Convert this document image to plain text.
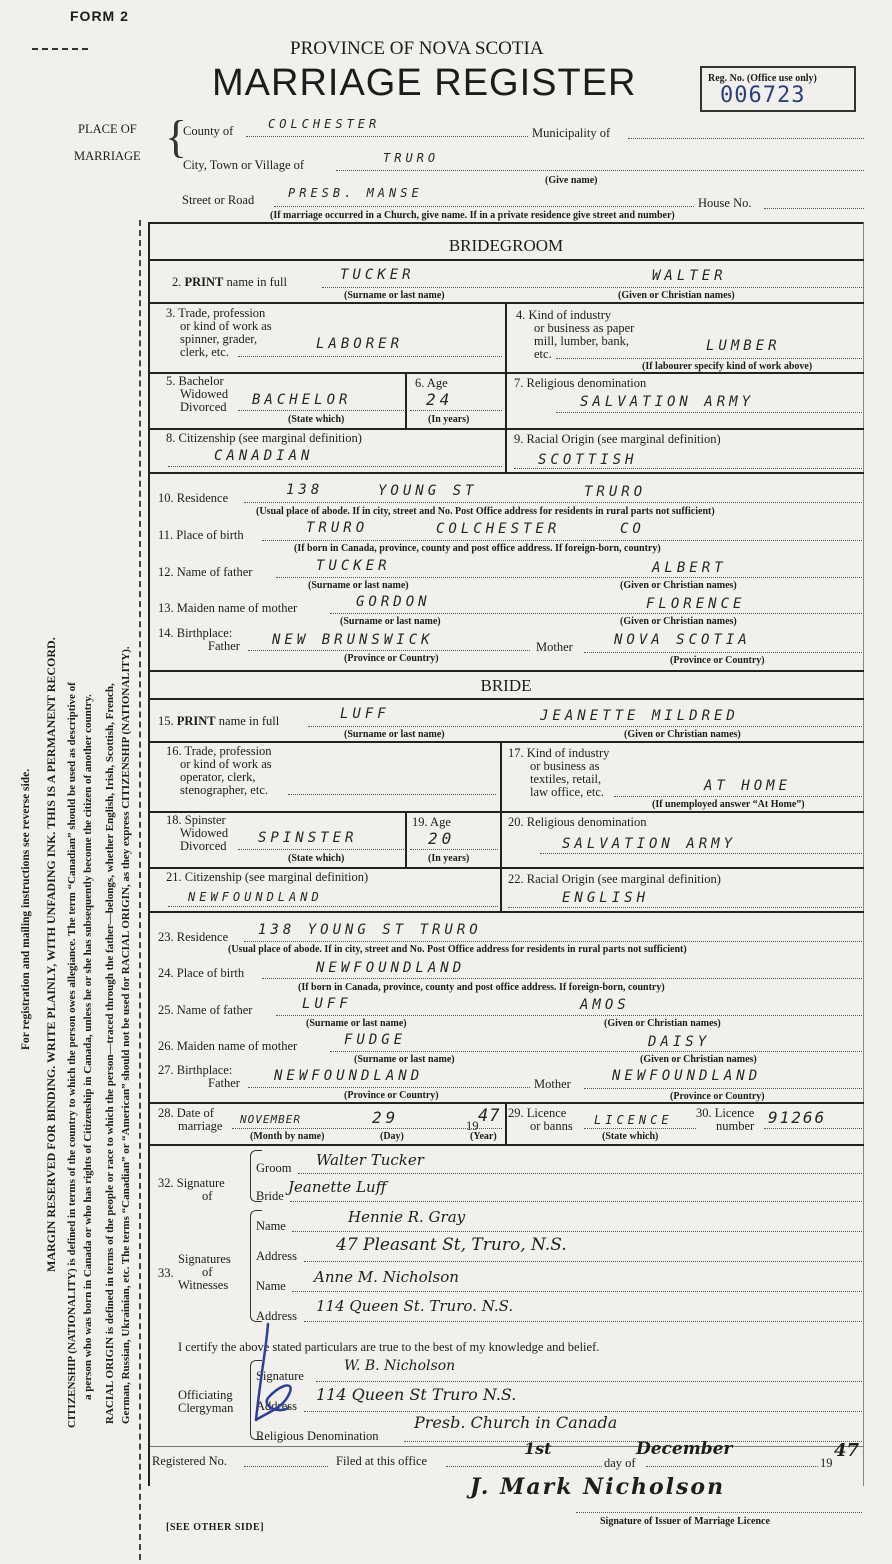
FORM 2
PROVINCE OF NOVA SCOTIA
MARRIAGE REGISTER	Reg. No. (Office use only)
006723
PLACE OF
MARRIAGE {
County of	COLCHESTER
Municipality of
City, Town or Village of	TRURO
(Give name)
Street or Road	PRESB. MANSE
House No.
(If marriage occurred in a Church, give name. If in a private residence give street and number)
For registration and mailing instructions see reverse side. MARGIN RESERVED FOR BINDING. WRITE PLAINLY, WITH UNFADING INK. THIS IS A PERMANENT RECORD. CITIZENSHIP (NATIONALITY) is defined in terms of the country to which the person owes allegiance. The term “Canadian” should be used as descriptive of a person who was born in Canada or who has rights of Citizenship in Canada, unless he or she has subsequently become the citizen of another country. RACIAL ORIGIN is defined in terms of the people or race to which the person—traced through the father—belongs, whether English, Irish, Scottish, French, German, Russian, Ukrainian, etc. The terms “Canadian” or “American” should not be used for RACIAL ORIGIN, as they express CITIZENSHIP (NATIONALITY).
BRIDEGROOM
2. PRINT name in full	TUCKER	WALTER
(Surname or last name)	(Given or Christian names)
3. Trade, profession
or kind of work as
spinner, grader,
clerk, etc.	LABORER
4. Kind of industry
or business as paper
mill, lumber, bank,
etc.	LUMBER
(If labourer specify kind of work above)
5. Bachelor
Widowed
Divorced BACHELOR
(State which)
6. Age
24
(In years)
7. Religious denomination
SALVATION ARMY
8. Citizenship (see marginal definition)
CANADIAN
9. Racial Origin (see marginal definition)
SCOTTISH
10. Residence	138	YOUNG ST	TRURO
(Usual place of abode. If in city, street and No. Post Office address for residents in rural parts not sufficient)
11. Place of birth	TRURO	COLCHESTER	CO
(If born in Canada, province, county and post office address. If foreign-born, country)
12. Name of father	TUCKER	ALBERT
(Surname or last name)	(Given or Christian names)
13. Maiden name of mother	GORDON	FLORENCE
(Surname or last name)	(Given or Christian names)
14. Birthplace:
Father NEW BRUNSWICK
(Province or Country)
Mother	NOVA SCOTIA
(Province or Country)
BRIDE
15. PRINT name in full	LUFF	JEANETTE MILDRED
(Surname or last name)	(Given or Christian names)
16. Trade, profession
or kind of work as
operator, clerk,
stenographer, etc.
17. Kind of industry
or business as
textiles, retail,
law office, etc.	AT HOME
(If unemployed answer “At Home”)
18. Spinster
Widowed
Divorced SPINSTER
(State which)
19. Age
20
(In years)
20. Religious denomination
SALVATION ARMY
21. Citizenship (see marginal definition)
NEWFOUNDLAND
22. Racial Origin (see marginal definition)
ENGLISH
23. Residence 138 YOUNG ST TRURO
(Usual place of abode. If in city, street and No. Post Office address for residents in rural parts not sufficient)
24. Place of birth	NEWFOUNDLAND
(If born in Canada, province, county and post office address. If foreign-born, country)
25. Name of father	LUFF	AMOS
(Surname or last name)	(Given or Christian names)
26. Maiden name of mother	FUDGE	DAISY
(Surname or last name)	(Given or Christian names)
27. Birthplace:
Father NEWFOUNDLAND
(Province or Country)
Mother	NEWFOUNDLAND
(Province or Country)
28. Date of
marriage NOVEMBER	29	19 47
(Month by name)	(Day)	(Year)
29. Licence
or banns LICENCE
(State which)
30. Licence
number 91266
32. Signature
of
Groom Walter Tucker
Bride Jeanette Luff
33.
Signatures
of
Witnesses
Name	Hennie R. Gray
Address
47 Pleasant St, Truro, N.S.
Name Anne M. Nicholson
Address
114 Queen St. Truro. N.S.
I certify the above stated particulars are true to the best of my knowledge and belief.
Officiating
Clergyman
Signature
W. B. Nicholson
Address
114 Queen St Truro N.S.
Religious Denomination
Presb. Church in Canada
Registered No.	Filed at this office
1st
day of
December
19
47
J. Mark Nicholson
Signature of Issuer of Marriage Licence
[SEE OTHER SIDE]
